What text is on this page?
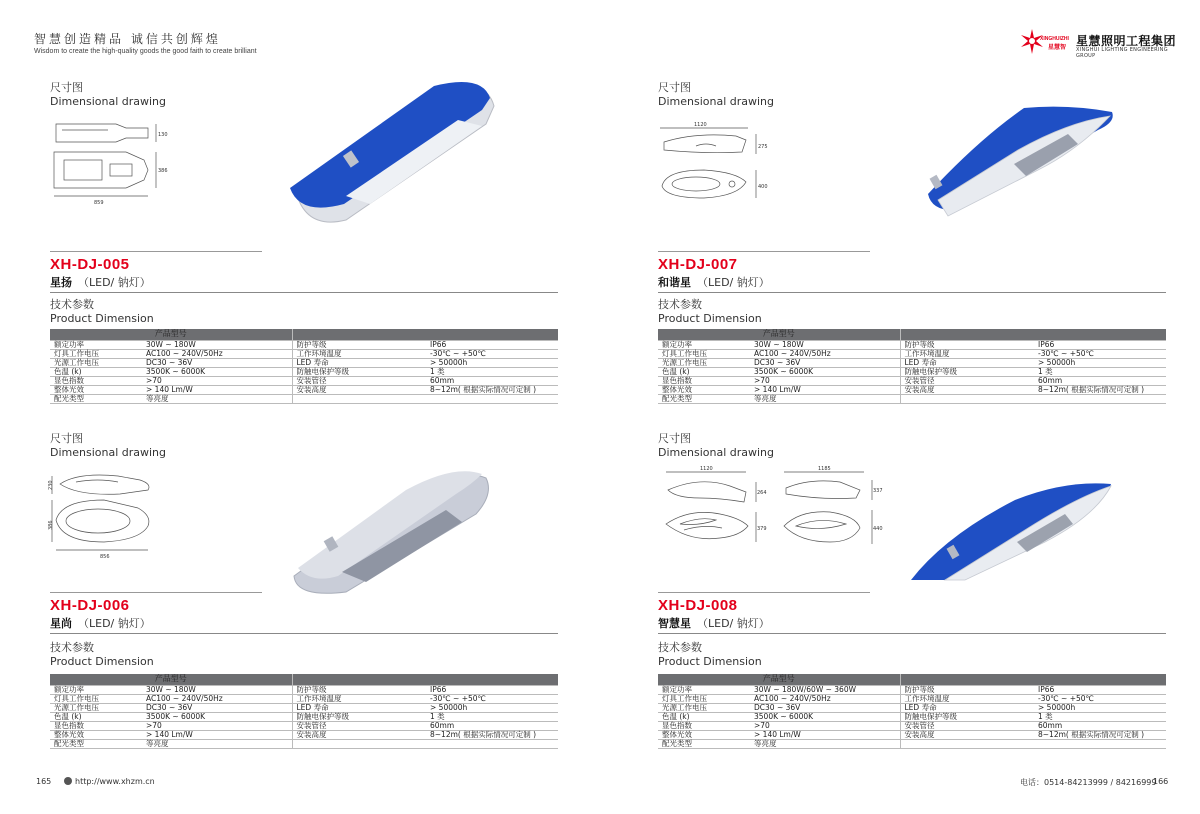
智慧创造精品 诚信共创辉煌
Wisdom to create the high-quality goods the good faith to create brilliant
XINGHUIZHI
星慧智 星慧照明工程集团
XINGHUI LIGHTING ENGINEERING GROUP
尺寸图
Dimensional drawing
130
386
859
XH-DJ-005
星扬 （LED/ 钠灯）
技术参数
Product Dimension
产品型号			
额定功率	30W ~ 180W	防护等级	IP66
灯具工作电压	AC100 ~ 240V/50Hz	工作环境温度	-30℃ ~ +50℃
光源工作电压	DC30 ~ 36V	LED 寿命	> 50000h
色温 (k)	3500K ~ 6000K	防触电保护等级	1 类
显色指数	>70	安装管径	60mm
整体光效	> 140 Lm/W	安装高度	8~12m( 根据实际情况可定制 )
配光类型	等亮度		
尺寸图
Dimensional drawing
230
386
856
XH-DJ-006
星尚 （LED/ 钠灯）
技术参数
Product Dimension
产品型号			
额定功率	30W ~ 180W	防护等级	IP66
灯具工作电压	AC100 ~ 240V/50Hz	工作环境温度	-30℃ ~ +50℃
光源工作电压	DC30 ~ 36V	LED 寿命	> 50000h
色温 (k)	3500K ~ 6000K	防触电保护等级	1 类
显色指数	>70	安装管径	60mm
整体光效	> 140 Lm/W	安装高度	8~12m( 根据实际情况可定制 )
配光类型	等亮度		
尺寸图
Dimensional drawing
1120
275
400
XH-DJ-007
和谐星 （LED/ 钠灯）
技术参数
Product Dimension
产品型号			
额定功率	30W ~ 180W	防护等级	IP66
灯具工作电压	AC100 ~ 240V/50Hz	工作环境温度	-30℃ ~ +50℃
光源工作电压	DC30 ~ 36V	LED 寿命	> 50000h
色温 (k)	3500K ~ 6000K	防触电保护等级	1 类
显色指数	>70	安装管径	60mm
整体光效	> 140 Lm/W	安装高度	8~12m( 根据实际情况可定制 )
配光类型	等亮度		
尺寸图
Dimensional drawing
1120
264
379
1185
337
440
XH-DJ-008
智慧星 （LED/ 钠灯）
技术参数
Product Dimension
产品型号			
额定功率	30W ~ 180W/60W ~ 360W	防护等级	IP66
灯具工作电压	AC100 ~ 240V/50Hz	工作环境温度	-30℃ ~ +50℃
光源工作电压	DC30 ~ 36V	LED 寿命	> 50000h
色温 (k)	3500K ~ 6000K	防触电保护等级	1 类
显色指数	>70	安装管径	60mm
整体光效	> 140 Lm/W	安装高度	8~12m( 根据实际情况可定制 )
配光类型	等亮度		
165	http://www.xhzm.cn	电话：0514-84213999 / 84216999
166
